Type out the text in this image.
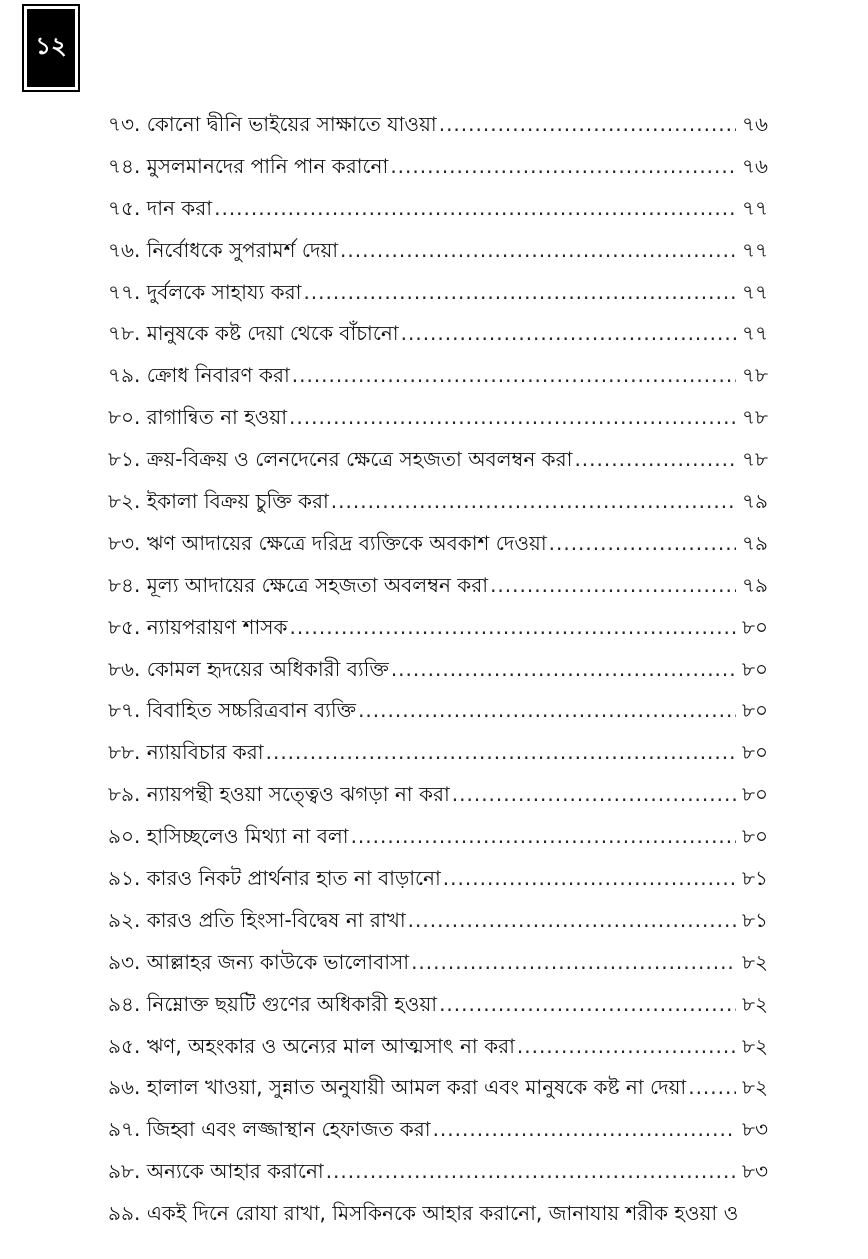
১২
৭৩. কোনো দ্বীনি ভাইয়ের সাক্ষাতে যাওয়া .....	৭৬
৭৪. মুসলমানদের পানি পান করানো .....	৭৬
৭৫. দান করা .....	৭৭
৭৬. নির্বোধকে সুপরামর্শ দেয়া .....	৭৭
৭৭. দুর্বলকে সাহায্য করা .....	৭৭
৭৮. মানুষকে কষ্ট দেয়া থেকে বাঁচানো .....	৭৭
৭৯. ক্রোধ নিবারণ করা .....	৭৮
৮০. রাগান্বিত না হওয়া .....	৭৮
৮১. ক্রয়-বিক্রয় ও লেনদেনের ক্ষেত্রে সহজতা অবলম্বন করা .....	৭৮
৮২. ইকালা বিক্রয় চুক্তি করা .....	৭৯
৮৩. ঋণ আদায়ের ক্ষেত্রে দরিদ্র ব্যক্তিকে অবকাশ দেওয়া .....	৭৯
৮৪. মূল্য আদায়ের ক্ষেত্রে সহজতা অবলম্বন করা .....	৭৯
৮৫. ন্যায়পরায়ণ শাসক .....	৮০
৮৬. কোমল হৃদয়ের অধিকারী ব্যক্তি .....	৮০
৮৭. বিবাহিত সচ্চরিত্রবান ব্যক্তি .....	৮০
৮৮. ন্যায়বিচার করা .....	৮০
৮৯. ন্যায়পন্থী হওয়া সত্ত্বেও ঝগড়া না করা .....	৮০
৯০. হাসিচ্ছলেও মিথ্যা না বলা .....	৮০
৯১. কারও নিকট প্রার্থনার হাত না বাড়ানো .....	৮১
৯২. কারও প্রতি হিংসা-বিদ্বেষ না রাখা .....	৮১
৯৩. আল্লাহর জন্য কাউকে ভালোবাসা .....	৮২
৯৪. নিম্নোক্ত ছয়টি গুণের অধিকারী হওয়া .....	৮২
৯৫. ঋণ, অহংকার ও অন্যের মাল আত্মসাৎ না করা .....	৮২
৯৬. হালাল খাওয়া, সুন্নাত অনুযায়ী আমল করা এবং মানুষকে কষ্ট না দেয়া .....	৮২
৯৭. জিহ্বা এবং লজ্জাস্থান হেফাজত করা .....	৮৩
৯৮. অন্যকে আহার করানো .....	৮৩
৯৯. একই দিনে রোযা রাখা, মিসকিনকে আহার করানো, জানাযায় শরীক হওয়া ও
